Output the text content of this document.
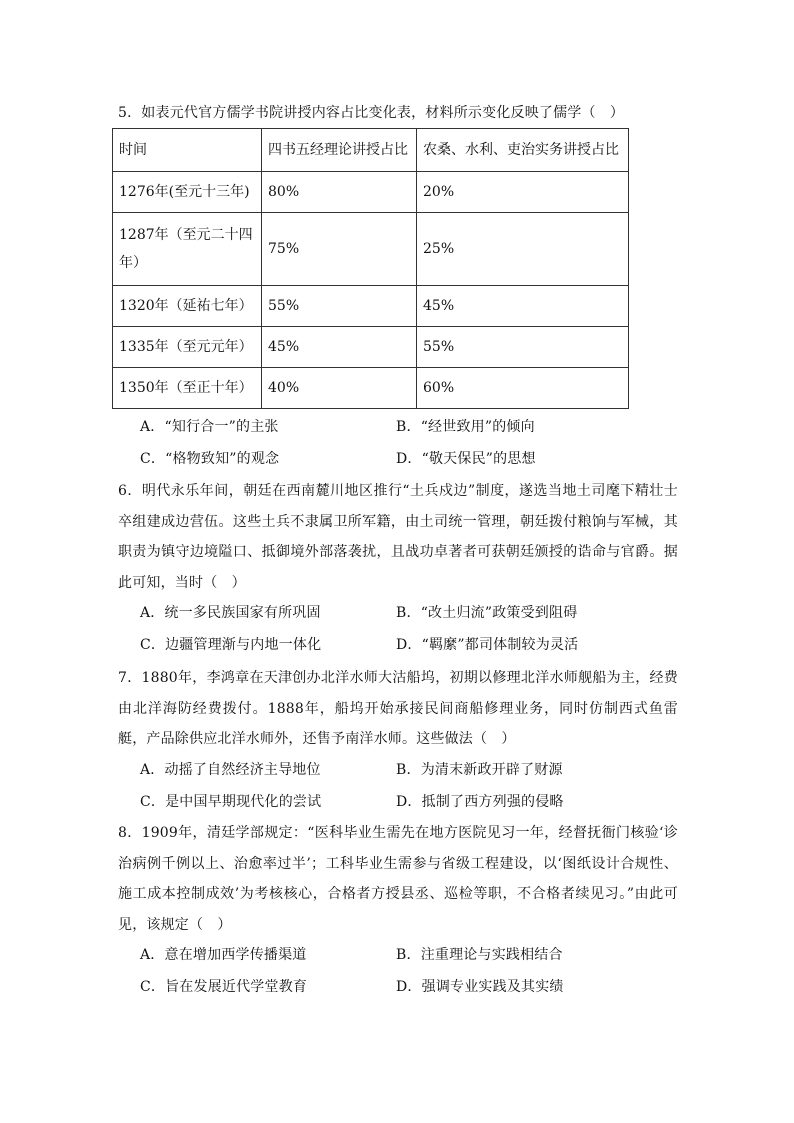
5．如表元代官方儒学书院讲授内容占比变化表，材料所示变化反映了儒学（　）

时间	四书五经理论讲授占比	农桑、水利、吏治实务讲授占比
1276年(至元十三年)	80%	20%
1287年（至元二十四年）	75%	25%
1320年（延祐七年）	55%	45%
1335年（至元元年）	45%	55%
1350年（至正十年）	40%	60%
A．“知行合一”的主张	B．“经世致用”的倾向
C．“格物致知”的观念	D．“敬天保民”的思想

6．明代永乐年间，朝廷在西南麓川地区推行“土兵戍边”制度，遂选当地土司麾下精壮士卒组建成边营伍。这些土兵不隶属卫所军籍，由土司统一管理，朝廷拨付粮饷与军械，其职责为镇守边境隘口、抵御境外部落袭扰，且战功卓著者可获朝廷颁授的诰命与官爵。据此可知，当时（　）

A．统一多民族国家有所巩固	B．“改土归流”政策受到阻碍
C．边疆管理渐与内地一体化	D．“羁縻”都司体制较为灵活

7．1880年，李鸿章在天津创办北洋水师大沽船坞，初期以修理北洋水师舰船为主，经费由北洋海防经费拨付。1888年，船坞开始承接民间商船修理业务，同时仿制西式鱼雷艇，产品除供应北洋水师外，还售予南洋水师。这些做法（　）

A．动摇了自然经济主导地位	B．为清末新政开辟了财源
C．是中国早期现代化的尝试	D．抵制了西方列强的侵略

8．1909年，清廷学部规定：“医科毕业生需先在地方医院见习一年，经督抚衙门核验‘诊治病例千例以上、治愈率过半’；工科毕业生需参与省级工程建设，以‘图纸设计合规性、施工成本控制成效’为考核核心，合格者方授县丞、巡检等职，不合格者续见习。”由此可见，该规定（　）

A．意在增加西学传播渠道	B．注重理论与实践相结合
C．旨在发展近代学堂教育	D．强调专业实践及其实绩
